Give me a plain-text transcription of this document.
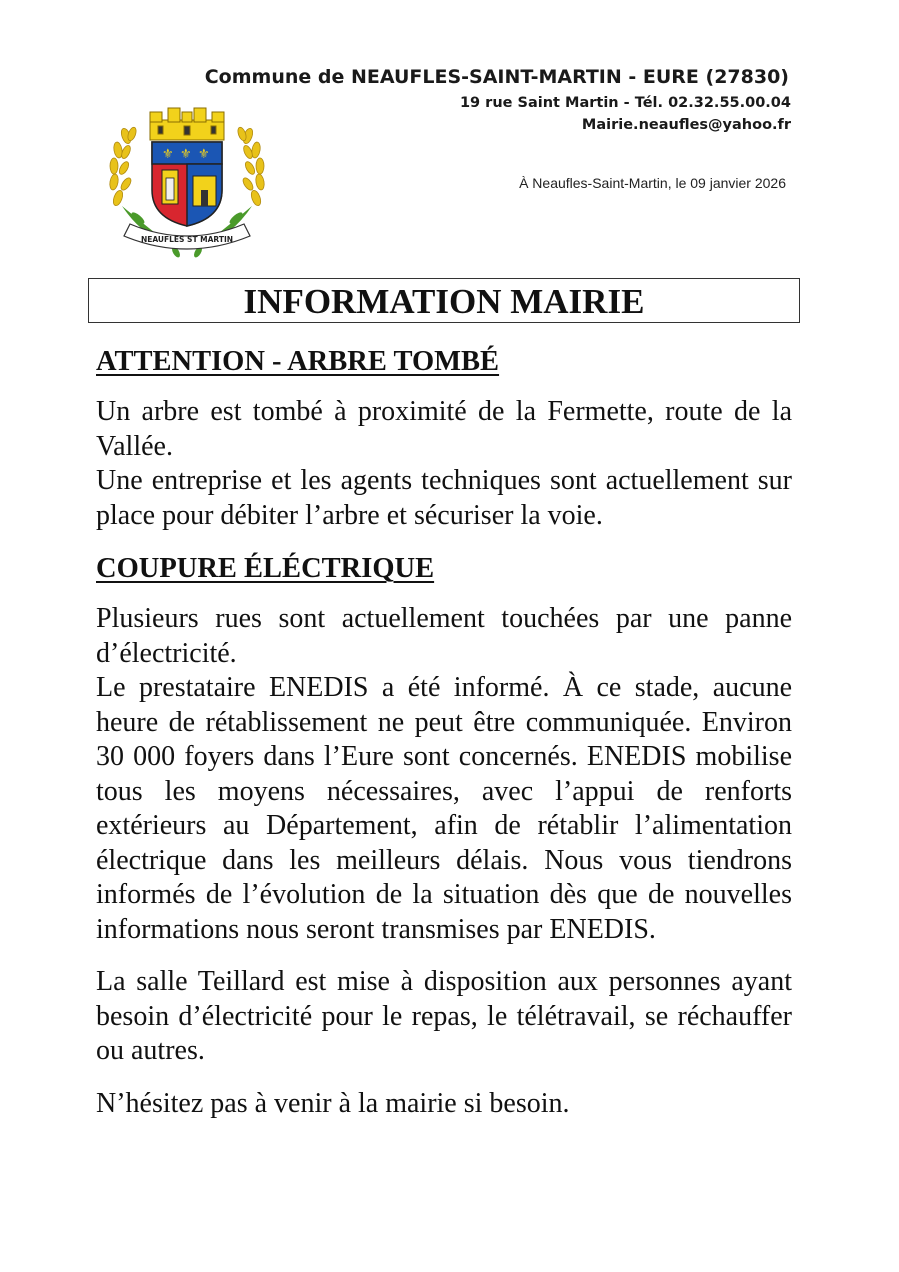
Commune de NEAUFLES-SAINT-MARTIN - EURE (27830)
19 rue Saint Martin - Tél. 02.32.55.00.04
Mairie.neaufles@yahoo.fr
À Neaufles-Saint-Martin, le 09 janvier 2026
⚜ ⚜ ⚜
NEAUFLES ST MARTIN
INFORMATION MAIRIE
ATTENTION - ARBRE TOMBÉ

Un arbre est tombé à proximité de la Fermette, route de la Vallée.

Une entreprise et les agents techniques sont actuellement sur place pour débiter l’arbre et sécuriser la voie.

COUPURE ÉLÉCTRIQUE

Plusieurs rues sont actuellement touchées par une panne d’électricité.

Le prestataire ENEDIS a été informé. À ce stade, aucune heure de rétablissement ne peut être communiquée. Environ 30 000 foyers dans l’Eure sont concernés. ENEDIS mobilise tous les moyens nécessaires, avec l’appui de renforts extérieurs au Département, afin de rétablir l’alimentation électrique dans les meilleurs délais. Nous vous tiendrons informés de l’évolution de la situation dès que de nouvelles informations nous seront transmises par ENEDIS.

La salle Teillard est mise à disposition aux personnes ayant besoin d’électricité pour le repas, le télétravail, se réchauffer ou autres.

N’hésitez pas à venir à la mairie si besoin.
